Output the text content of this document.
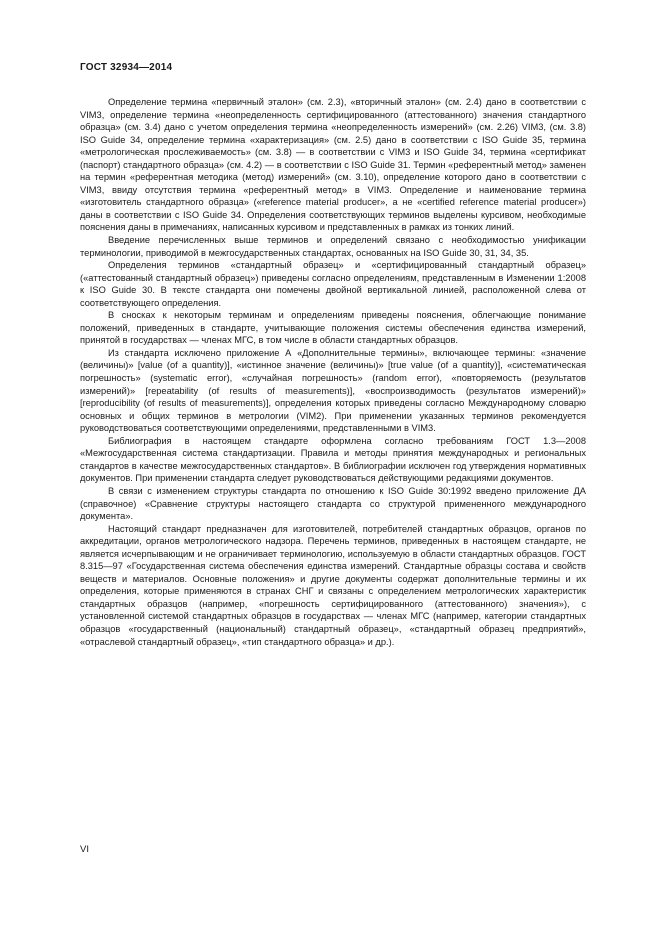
ГОСТ 32934—2014

Определение термина «первичный эталон» (см. 2.3), «вторичный эталон» (см. 2.4) дано в соответствии с VIM3, определение термина «неопределенность сертифицированного (аттестованного) значения стандартного образца» (см. 3.4) дано с учетом определения термина «неопределенность измерений» (см. 2.26) VIM3, (см. 3.8) ISO Guide 34, определение термина «характеризация» (см. 2.5) дано в соответствии с ISO Guide 35, термина «метрологическая прослеживаемость» (см. 3.8) — в соответствии с VIM3 и ISO Guide 34, термина «сертификат (паспорт) стандартного образца» (см. 4.2) — в соответствии с ISO Guide 31. Термин «референтный метод» заменен на термин «референтная методика (метод) измерений» (см. 3.10), определение которого дано в соответствии с VIM3, ввиду отсутствия термина «референтный метод» в VIM3. Определение и наименование термина «изготовитель стандартного образца» («reference material producer», а не «certified reference material producer») даны в соответствии с ISO Guide 34. Определения соответствующих терминов выделены курсивом, необходимые пояснения даны в примечаниях, написанных курсивом и представленных в рамках из тонких линий.

Введение перечисленных выше терминов и определений связано с необходимостью унификации терминологии, приводимой в межгосударственных стандартах, основанных на ISO Guide 30, 31, 34, 35.

Определения терминов «стандартный образец» и «сертифицированный стандартный образец» («аттестованный стандартный образец») приведены согласно определениям, представленным в Изменении 1:2008 к ISO Guide 30. В тексте стандарта они помечены двойной вертикальной линией, расположенной слева от соответствующего определения.

В сносках к некоторым терминам и определениям приведены пояснения, облегчающие понимание положений, приведенных в стандарте, учитывающие положения системы обеспечения единства измерений, принятой в государствах — членах МГС, в том числе в области стандартных образцов.

Из стандарта исключено приложение А «Дополнительные термины», включающее термины: «значение (величины)» [value (of a quantity)], «истинное значение (величины)» [true value (of a quantity)], «систематическая погрешность» (systematic error), «случайная погрешность» (random error), «повторяемость (результатов измерений)» [repeatability (of results of measurements)], «воспроизводимость (результатов измерений)» [reproducibility (of results of measurements)], определения которых приведены согласно Международному словарю основных и общих терминов в метрологии (VIM2). При применении указанных терминов рекомендуется руководствоваться соответствующими определениями, представленными в VIM3.

Библиография в настоящем стандарте оформлена согласно требованиям ГОСТ 1.3—2008 «Межгосударственная система стандартизации. Правила и методы принятия международных и региональных стандартов в качестве межгосударственных стандартов». В библиографии исключен год утверждения нормативных документов. При применении стандарта следует руководствоваться действующими редакциями документов.

В связи с изменением структуры стандарта по отношению к ISO Guide 30:1992 введено приложение ДА (справочное) «Сравнение структуры настоящего стандарта со структурой примененного международного документа».

Настоящий стандарт предназначен для изготовителей, потребителей стандартных образцов, органов по аккредитации, органов метрологического надзора. Перечень терминов, приведенных в настоящем стандарте, не является исчерпывающим и не ограничивает терминологию, используемую в области стандартных образцов. ГОСТ 8.315—97 «Государственная система обеспечения единства измерений. Стандартные образцы состава и свойств веществ и материалов. Основные положения» и другие документы содержат дополнительные термины и их определения, которые применяются в странах СНГ и связаны с определением метрологических характеристик стандартных образцов (например, «погрешность сертифицированного (аттестованного) значения»), с установленной системой стандартных образцов в государствах — членах МГС (например, категории стандартных образцов «государственный (национальный) стандартный образец», «стандартный образец предприятий», «отраслевой стандартный образец», «тип стандартного образца» и др.).

VI
